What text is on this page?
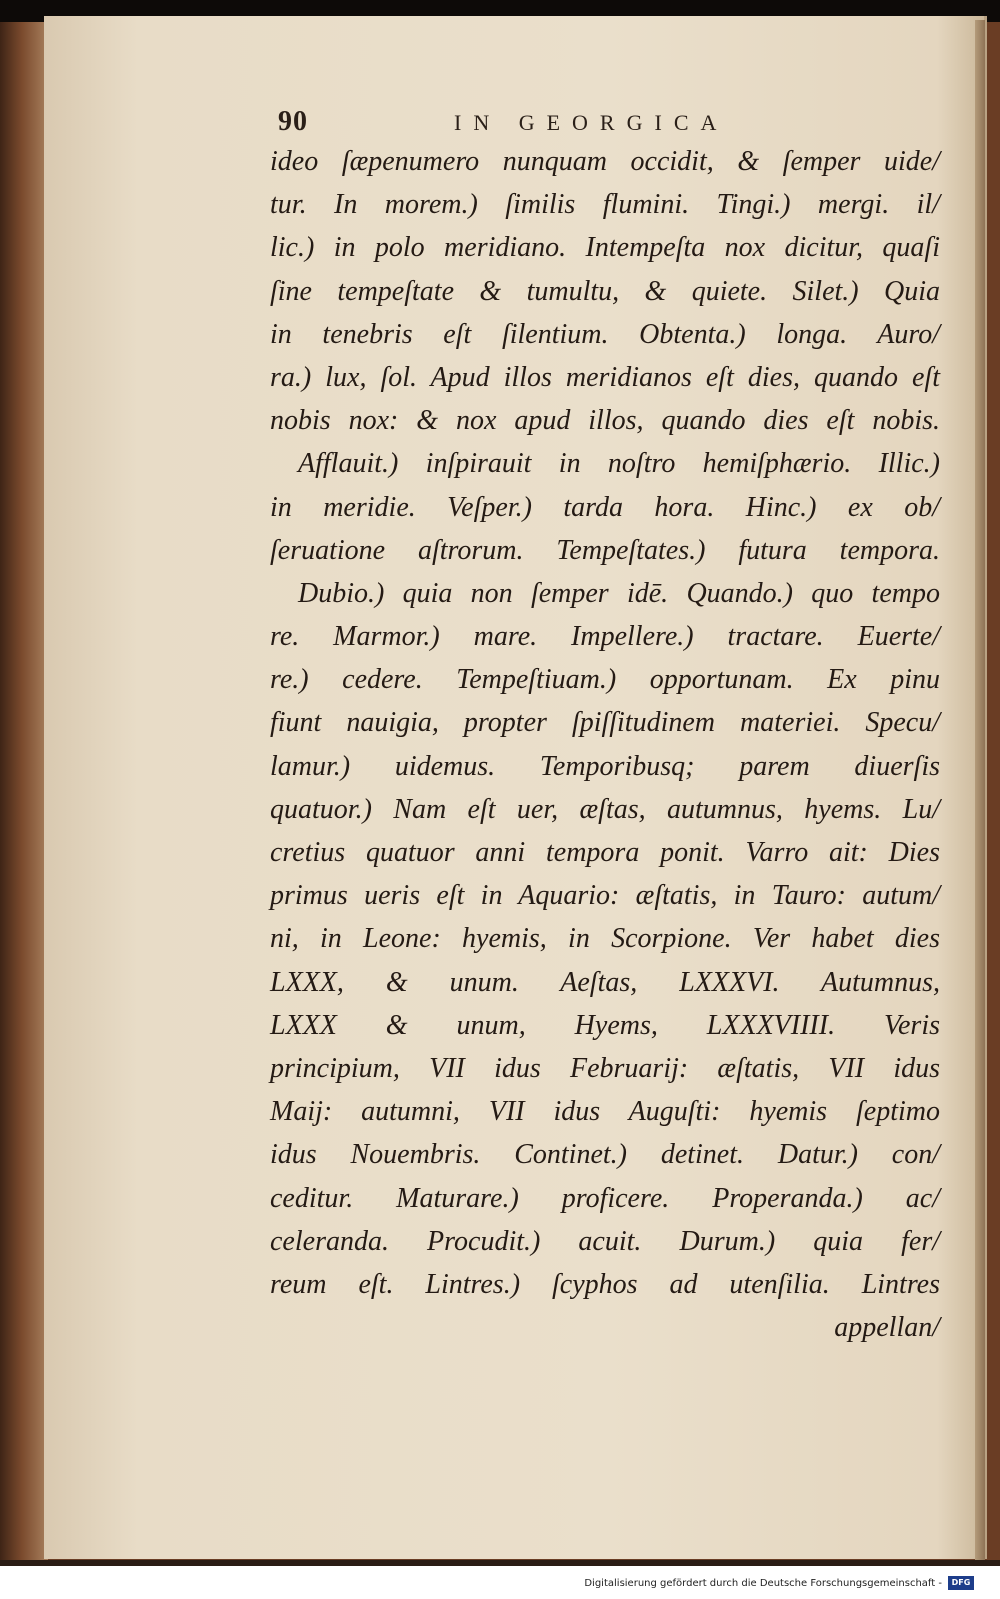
90	IN GEORGICA
ideo ſæpenumero nunquam occidit, & ſemper uide/
tur. In morem.) ſimilis flumini. Tingi.) mergi. il/
lic.) in polo meridiano. Intempeſta nox dicitur, quaſi
ſine tempeſtate & tumultu, & quiete. Silet.) Quia
in tenebris eſt ſilentium. Obtenta.) longa. Auro/
ra.) lux, ſol. Apud illos meridianos eſt dies, quando eſt
nobis nox: & nox apud illos, quando dies eſt nobis.
Afflauit.) inſpirauit in noſtro hemiſphærio. Illic.)
in meridie. Veſper.) tarda hora. Hinc.) ex ob/
ſeruatione aſtrorum. Tempeſtates.) futura tempora.
Dubio.) quia non ſemper idē. Quando.) quo tempo
re. Marmor.) mare. Impellere.) tractare. Euerte/
re.) cedere. Tempeſtiuam.) opportunam. Ex pinu
fiunt nauigia, propter ſpiſſitudinem materiei. Specu/
lamur.) uidemus. Temporibusq; parem diuerſis
quatuor.) Nam eſt uer, æſtas, autumnus, hyems. Lu/
cretius quatuor anni tempora ponit. Varro ait: Dies
primus ueris eſt in Aquario: æſtatis, in Tauro: autum/
ni, in Leone: hyemis, in Scorpione. Ver habet dies
LXXX, & unum. Aeſtas, LXXXVI. Autumnus,
LXXX & unum, Hyems, LXXXVIIII. Veris
principium, VII idus Februarij: æſtatis, VII idus
Maij: autumni, VII idus Auguſti: hyemis ſeptimo
idus Nouembris. Continet.) detinet. Datur.) con/
ceditur. Maturare.) proficere. Properanda.) ac/
celeranda. Procudit.) acuit. Durum.) quia fer/
reum eſt. Lintres.) ſcyphos ad utenſilia. Lintres
appellan/
Digitalisierung gefördert durch die Deutsche Forschungsgemeinschaft -	DFG
